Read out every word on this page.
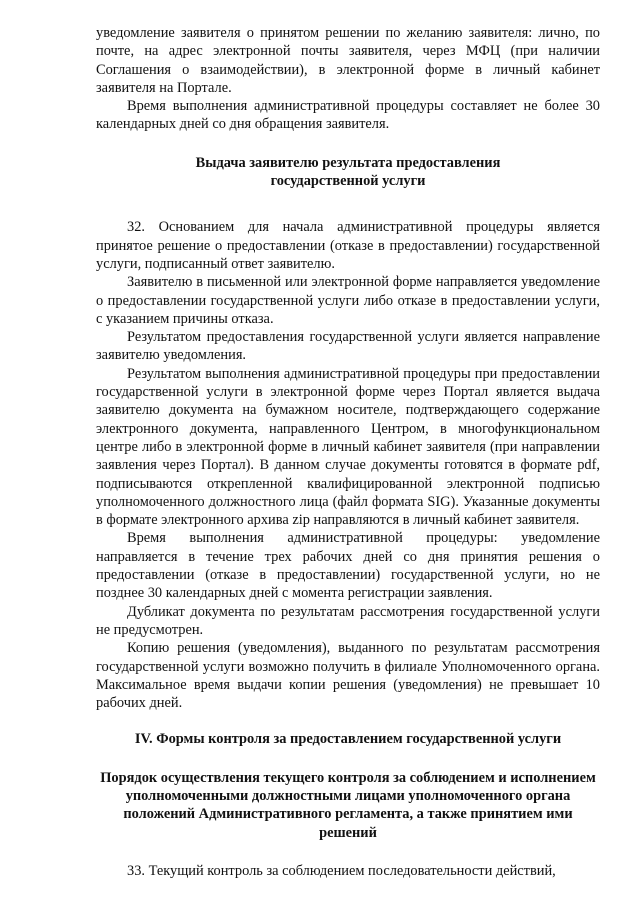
уведомление заявителя о принятом решении по желанию заявителя: лично, по почте, на адрес электронной почты заявителя, через МФЦ (при наличии Соглашения о взаимодействии), в электронной форме в личный кабинет заявителя на Портале.

Время выполнения административной процедуры составляет не более 30 календарных дней со дня обращения заявителя.

Выдача заявителю результата предоставления государственной услуги

32. Основанием для начала административной процедуры является принятое решение о предоставлении (отказе в предоставлении) государственной услуги, подписанный ответ заявителю.

Заявителю в письменной или электронной форме направляется уведомление о предоставлении государственной услуги либо отказе в предоставлении услуги, с указанием причины отказа.

Результатом предоставления государственной услуги является направление заявителю уведомления.

Результатом выполнения административной процедуры при предоставлении государственной услуги в электронной форме через Портал является выдача заявителю документа на бумажном носителе, подтверждающего содержание электронного документа, направленного Центром, в многофункциональном центре либо в электронной форме в личный кабинет заявителя (при направлении заявления через Портал). В данном случае документы готовятся в формате pdf, подписываются открепленной квалифицированной электронной подписью уполномоченного должностного лица (файл формата SIG). Указанные документы в формате электронного архива zip направляются в личный кабинет заявителя.

Время выполнения административной процедуры: уведомление направляется в течение трех рабочих дней со дня принятия решения о предоставлении (отказе в предоставлении) государственной услуги, но не позднее 30 календарных дней с момента регистрации заявления.

Дубликат документа по результатам рассмотрения государственной услуги не предусмотрен.

Копию решения (уведомления), выданного по результатам рассмотрения государственной услуги возможно получить в филиале Уполномоченного органа. Максимальное время выдачи копии решения (уведомления) не превышает 10 рабочих дней.

IV. Формы контроля за предоставлением государственной услуги

Порядок осуществления текущего контроля за соблюдением и исполнением уполномоченными должностными лицами уполномоченного органа положений Административного регламента, а также принятием ими решений

33. Текущий контроль за соблюдением последовательности действий,
